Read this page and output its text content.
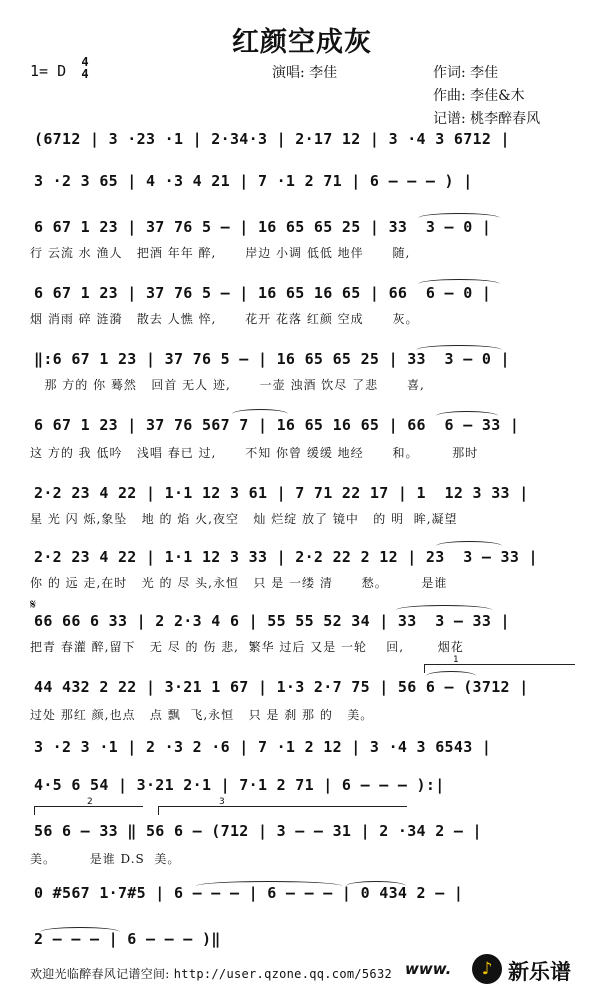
红颜空成灰
1= D 4
4	演唱: 李佳	作词: 李佳
作曲: 李佳&木
记谱: 桃李醉春风
(6712 | 3 ·23 ·1 | 2·34·3 | 2·17 12 | 3 ·4 3 6712 |
3 ·2 3 65 | 4 ·3 4 21 | 7 ·1 2 71 | 6 – – – ) |
6 67 1 23 | 37 76 5 – | 16 65 65 25 | 33  3 – 0 |
行 云流 水 渔人   把酒 年年 醉,      岸边 小调 低低 地伴      随,
6 67 1 23 | 37 76 5 – | 16 65 16 65 | 66  6 – 0 |
烟 消雨 碎 涟漪   散去 人憔 悴,      花开 花落 红颜 空成      灰。
‖:6 67 1 23 | 37 76 5 – | 16 65 65 25 | 33  3 – 0 |
那 方的 你 蓦然   回首 无人 迹,      一壶 浊酒 饮尽 了悲      喜,
6 67 1 23 | 37 76 567 7 | 16 65 16 65 | 66  6 – 33 |
这 方的 我 低吟   浅唱 春已 过,      不知 你曾 缓缓 地经      和。       那时
2·2 23 4 22 | 1·1 12 3 61 | 7 71 22 17 | 1  12 3 33 |
星 光 闪 烁,象坠   地 的 焰 火,夜空   灿 烂绽 放了 镜中   的 明  眸,凝望
2·2 23 4 22 | 1·1 12 3 33 | 2·2 22 2 12 | 23  3 – 33 |
你 的 远 走,在时   光 的 尽 头,永恒   只 是 一缕 清      愁。       是谁
𝄋
66 66 6 33 | 2 2·3 4 6 | 55 55 52 34 | 33  3 – 33 |
把青 春灌 醉,留下   无 尽 的 伤 悲,  繁华 过后 又是 一轮    回,       烟花
1
44 432 2 22 | 3·21 1 67 | 1·3 2·7 75 | 56 6 – (3712 |
过处 那红 颜,也点   点 飘  飞,永恒   只 是 刹 那 的   美。
3 ·2 3 ·1 | 2 ·3 2 ·6 | 7 ·1 2 12 | 3 ·4 3 6543 |
4·5 6 54 | 3·21 2·1 | 7·1 2 71 | 6 – – – ):|
2	3
56 6 – 33 ‖ 56 6 – (712 | 3 – – 31 | 2 ·34 2 – |
美。       是谁 D.S  美。
0 #567 1·7#5 | 6 – – – | 6 – – – | 0 434 2 – |
2 – – – | 6 – – – )‖
欢迎光临醉春风记谱空间: http://user.qzone.qq.com/5632 www.	♪ 新乐谱
